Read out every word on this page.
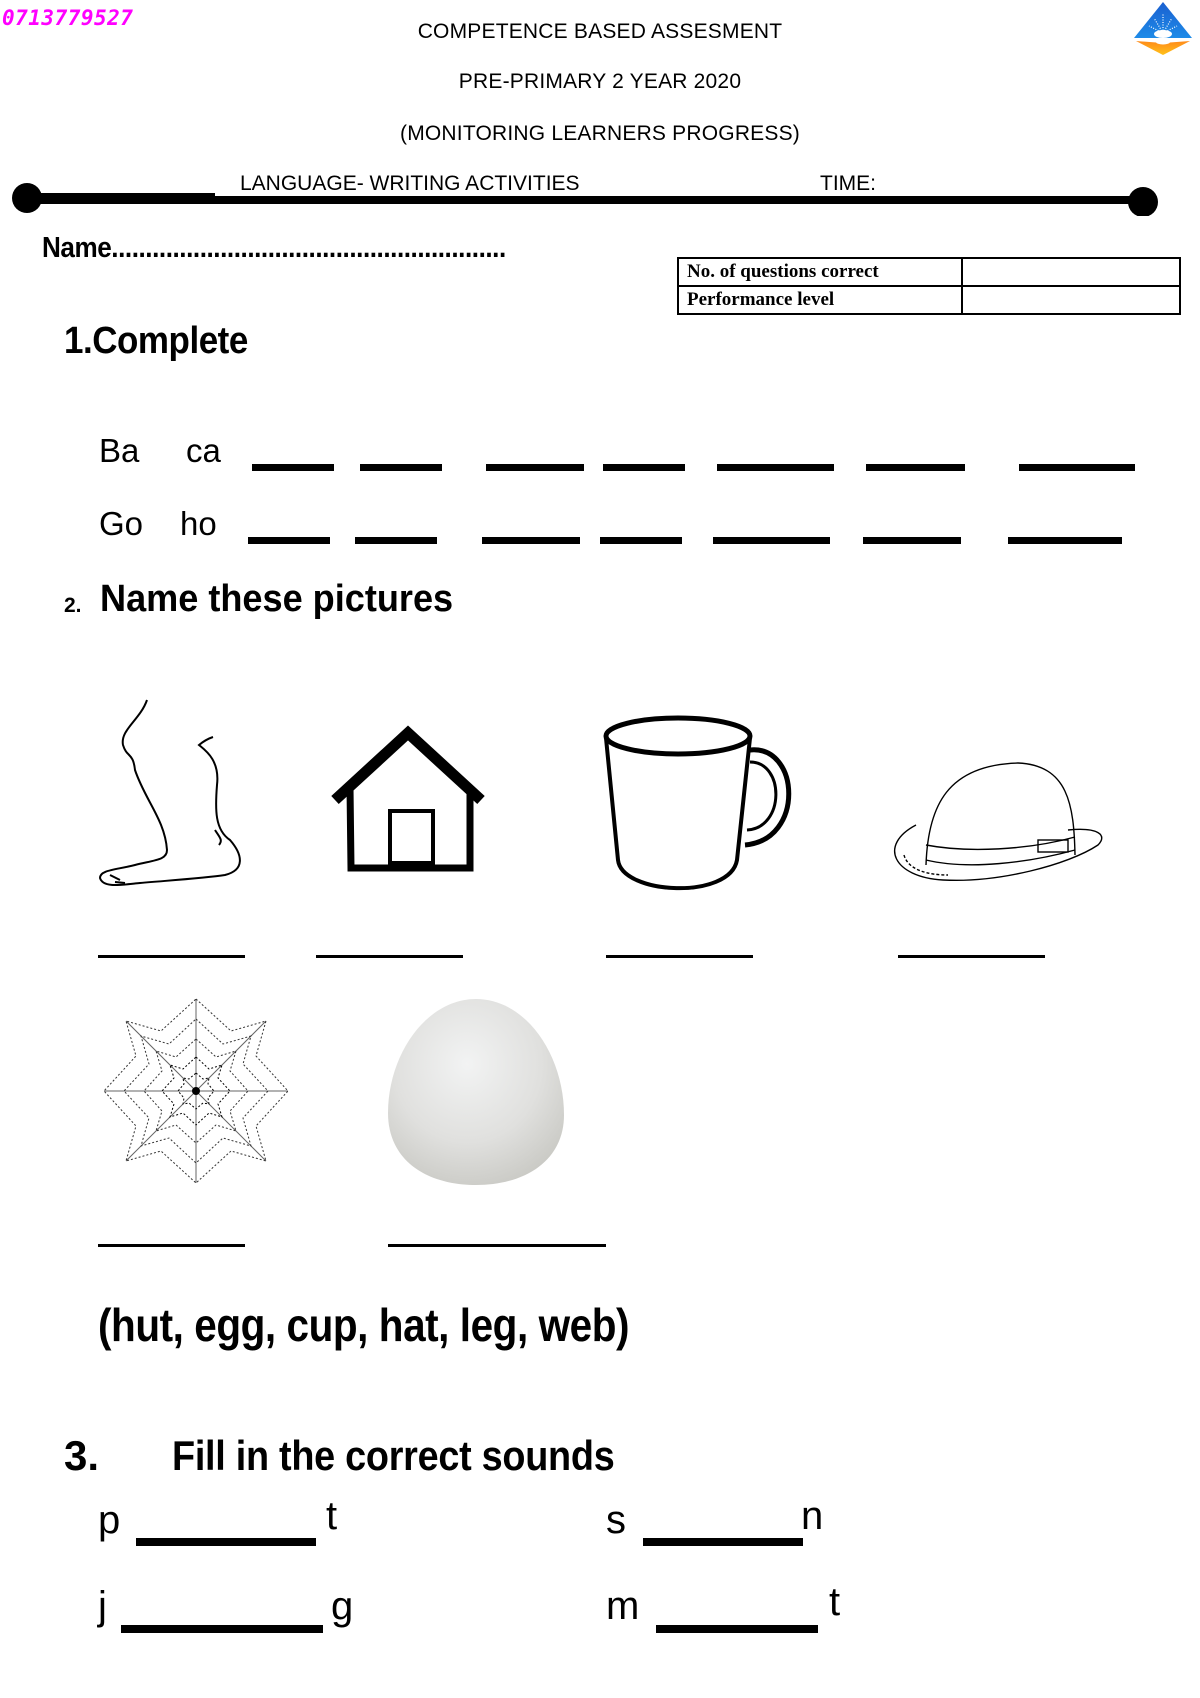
0713779527
COMPETENCE BASED ASSESMENT
PRE-PRIMARY 2 YEAR 2020
(MONITORING LEARNERS PROGRESS)
LANGUAGE- WRITING ACTIVITIES	TIME:
Name..........................................................
No. of questions correct	
Performance level	
1.Complete
Ba ca
Go ho
2. Name these pictures
(hut, egg, cup, hat, leg, web)
3. Fill in the correct sounds
p	t	s	n
j	g	m	t
